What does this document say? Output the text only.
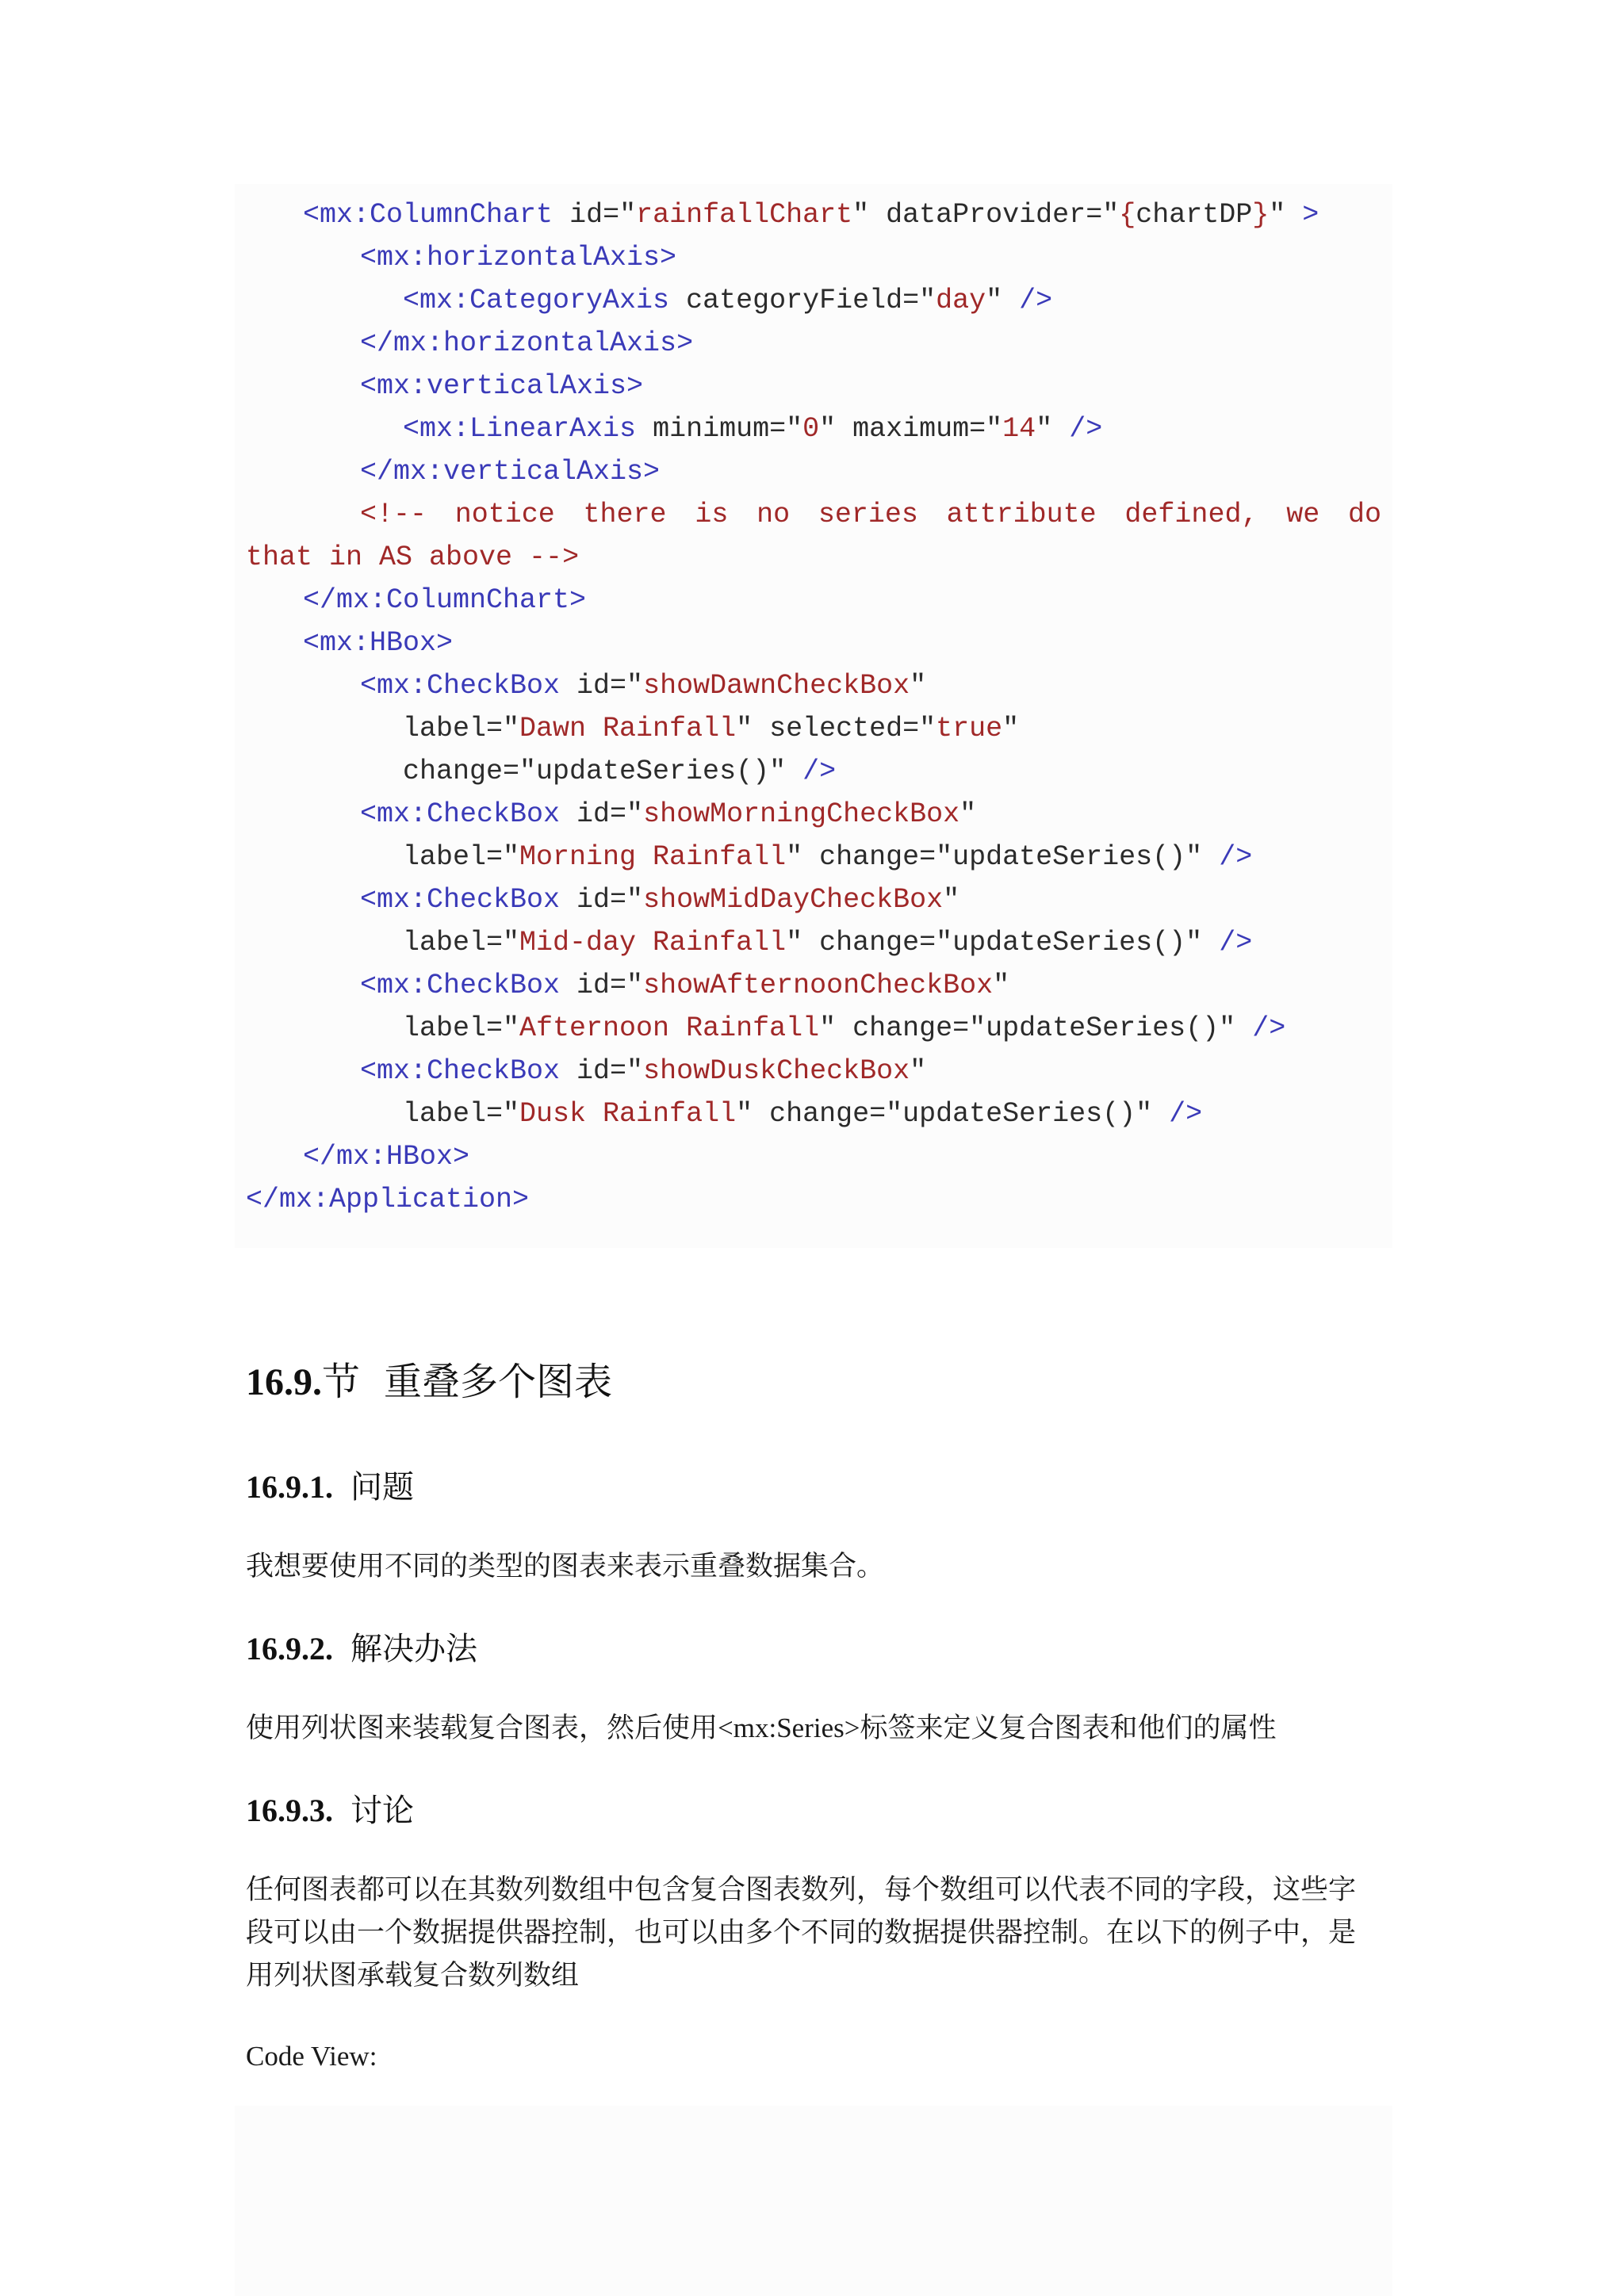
<mx:ColumnChart id="rainfallChart" dataProvider="{chartDP}" >
<mx:horizontalAxis>
<mx:CategoryAxis categoryField="day" />
</mx:horizontalAxis>
<mx:verticalAxis>
<mx:LinearAxis minimum="0" maximum="14" />
</mx:verticalAxis>
<!-- notice there is no series attribute defined, we do
that in AS above -->
</mx:ColumnChart>
<mx:HBox>
<mx:CheckBox id="showDawnCheckBox"
label="Dawn Rainfall" selected="true"
change="updateSeries()" />
<mx:CheckBox id="showMorningCheckBox"
label="Morning Rainfall" change="updateSeries()" />
<mx:CheckBox id="showMidDayCheckBox"
label="Mid-day Rainfall" change="updateSeries()" />
<mx:CheckBox id="showAfternoonCheckBox"
label="Afternoon Rainfall" change="updateSeries()" />
<mx:CheckBox id="showDuskCheckBox"
label="Dusk Rainfall" change="updateSeries()" />
</mx:HBox>
</mx:Application>
16.9.节 重叠多个图表
16.9.1. 问题
我想要使用不同的类型的图表来表示重叠数据集合。
16.9.2. 解决办法
使用列状图来装载复合图表，然后使用<mx:Series>标签来定义复合图表和他们的属性
16.9.3. 讨论
任何图表都可以在其数列数组中包含复合图表数列，每个数组可以代表不同的字段，这些字
段可以由一个数据提供器控制，也可以由多个不同的数据提供器控制。在以下的例子中，是
用列状图承载复合数列数组
Code View:
